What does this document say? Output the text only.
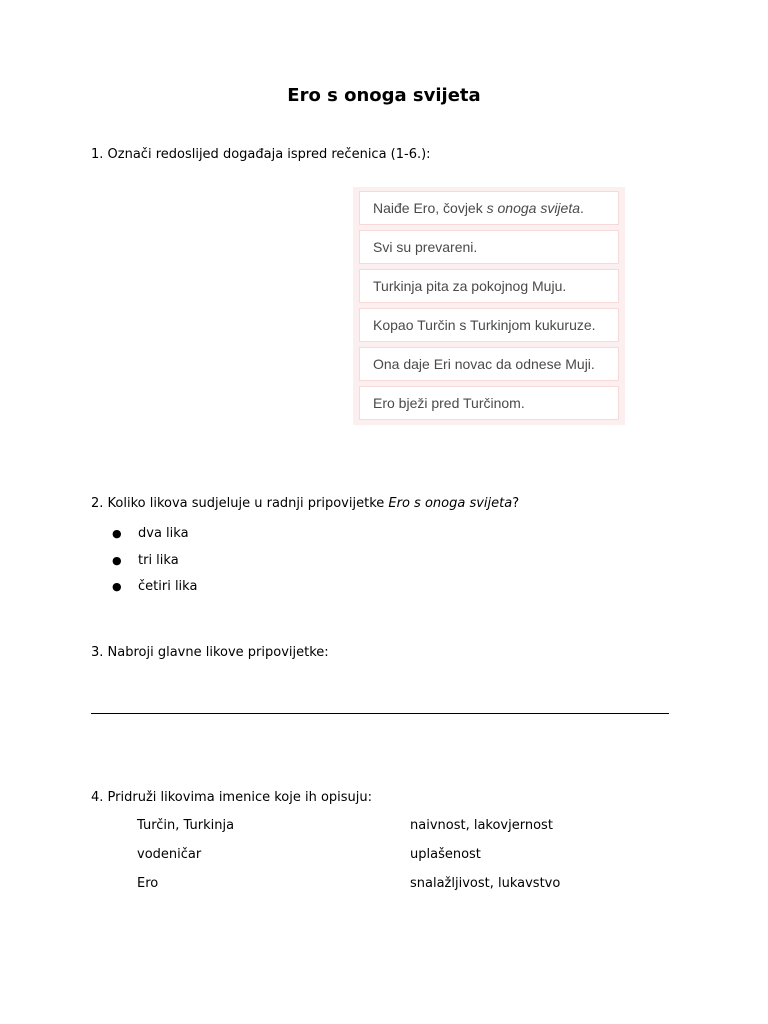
Ero s onoga svijeta
1. Označi redoslijed događaja ispred rečenica (1-6.):
Naiđe Ero, čovjek s onoga svijeta.
Svi su prevareni.
Turkinja pita za pokojnog Muju.
Kopao Turčin s Turkinjom kukuruze.
Ona daje Eri novac da odnese Muji.
Ero bježi pred Turčinom.
2. Koliko likova sudjeluje u radnji pripovijetke Ero s onoga svijeta?
● dva lika
● tri lika
● četiri lika
3. Nabroji glavne likove pripovijetke:
4. Pridruži likovima imenice koje ih opisuju:
Turčin, Turkinja
vodeničar
Ero
naivnost, lakovjernost
uplašenost
snalažljivost, lukavstvo
